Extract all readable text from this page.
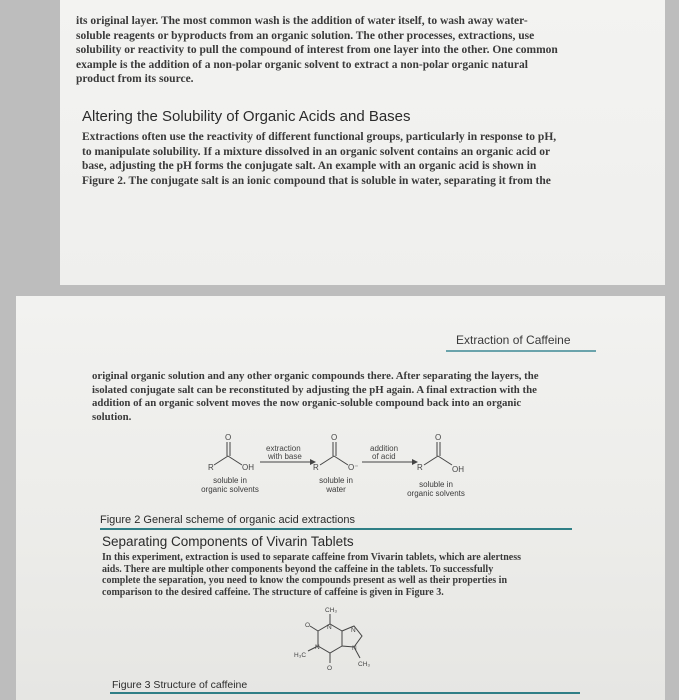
its original layer. The most common wash is the addition of water itself, to wash away water-
soluble reagents or byproducts from an organic solution. The other processes, extractions, use
solubility or reactivity to pull the compound of interest from one layer into the other. One common
example is the addition of a non-polar organic solvent to extract a non-polar organic natural
product from its source.
Altering the Solubility of Organic Acids and Bases
Extractions often use the reactivity of different functional groups, particularly in response to pH,
to manipulate solubility. If a mixture dissolved in an organic solvent contains an organic acid or
base, adjusting the pH forms the conjugate salt. An example with an organic acid is shown in
Figure 2. The conjugate salt is an ionic compound that is soluble in water, separating it from the
Extraction of Caffeine
original organic solution and any other organic compounds there. After separating the layers, the
isolated conjugate salt can be reconstituted by adjusting the pH again. A final extraction with the
addition of an organic solvent moves the now organic-soluble compound back into an organic
solution.
O
R	OH
extraction
with base
O
R	O⁻
addition
of acid
O
R	OH
CH₃
O	N	N
H₃C
N	N
O
CH₃
soluble in
organic solvents
soluble in
water
soluble in
organic solvents
Figure 2 General scheme of organic acid extractions
Separating Components of Vivarin Tablets
In this experiment, extraction is used to separate caffeine from Vivarin tablets, which are alertness
aids. There are multiple other components beyond the caffeine in the tablets. To successfully
complete the separation, you need to know the compounds present as well as their properties in
comparison to the desired caffeine. The structure of caffeine is given in Figure 3.
Figure 3 Structure of caffeine
